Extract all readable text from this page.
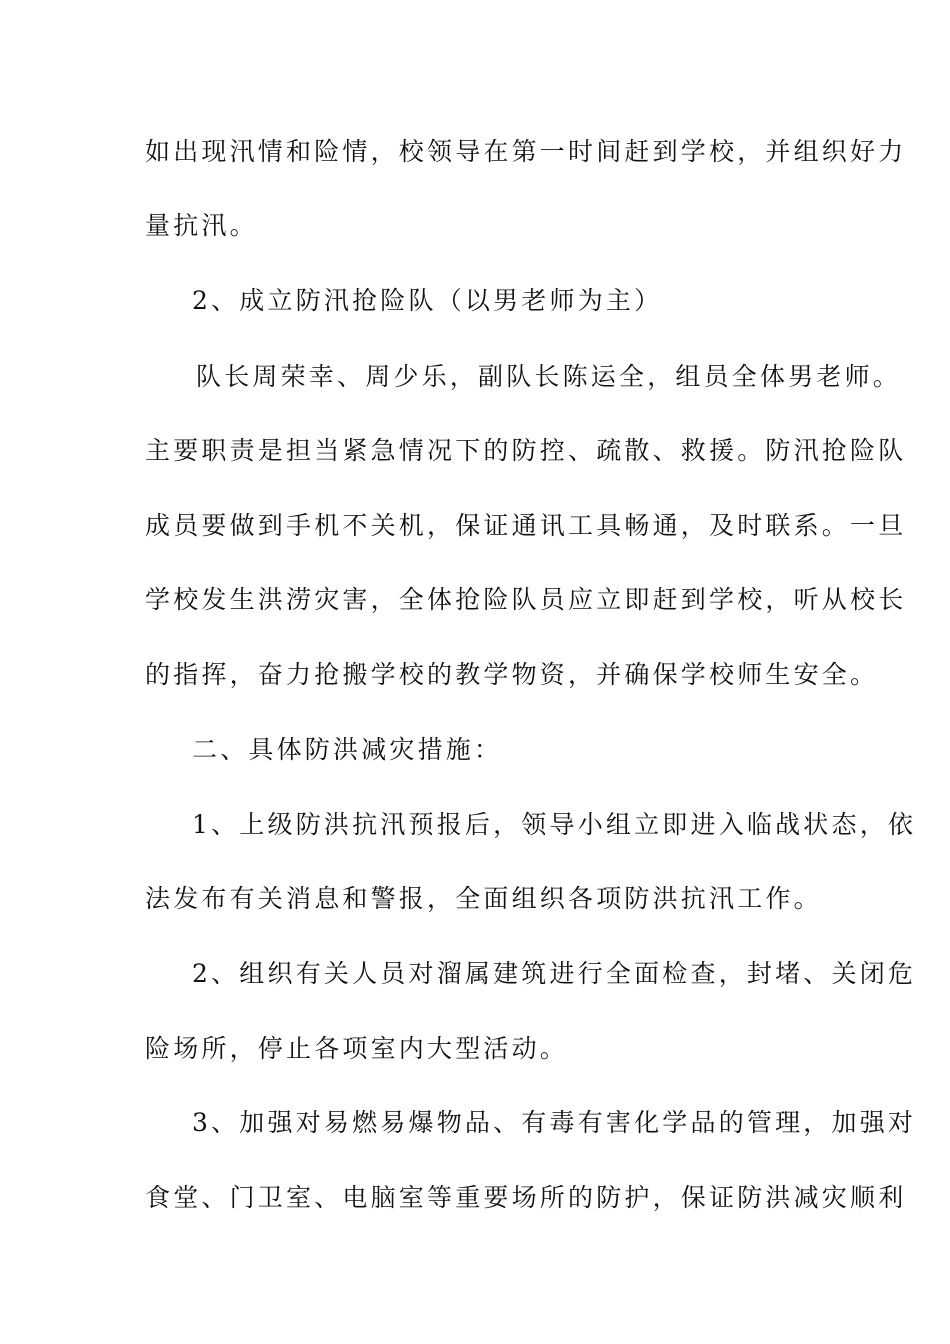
如出现汛情和险情，校领导在第一时间赶到学校，并组织好力
量抗汛。
2、成立防汛抢险队（以男老师为主）
队长周荣幸、周少乐，副队长陈运全，组员全体男老师。
主要职责是担当紧急情况下的防控、疏散、救援。防汛抢险队
成员要做到手机不关机，保证通讯工具畅通，及时联系。一旦
学校发生洪涝灾害，全体抢险队员应立即赶到学校，听从校长
的指挥，奋力抢搬学校的教学物资，并确保学校师生安全。
二、具体防洪减灾措施：
1、上级防洪抗汛预报后，领导小组立即进入临战状态，依
法发布有关消息和警报，全面组织各项防洪抗汛工作。
2、组织有关人员对溜属建筑进行全面检查，封堵、关闭危
险场所，停止各项室内大型活动。
3、加强对易燃易爆物品、有毒有害化学品的管理，加强对
食堂、门卫室、电脑室等重要场所的防护，保证防洪减灾顺利
